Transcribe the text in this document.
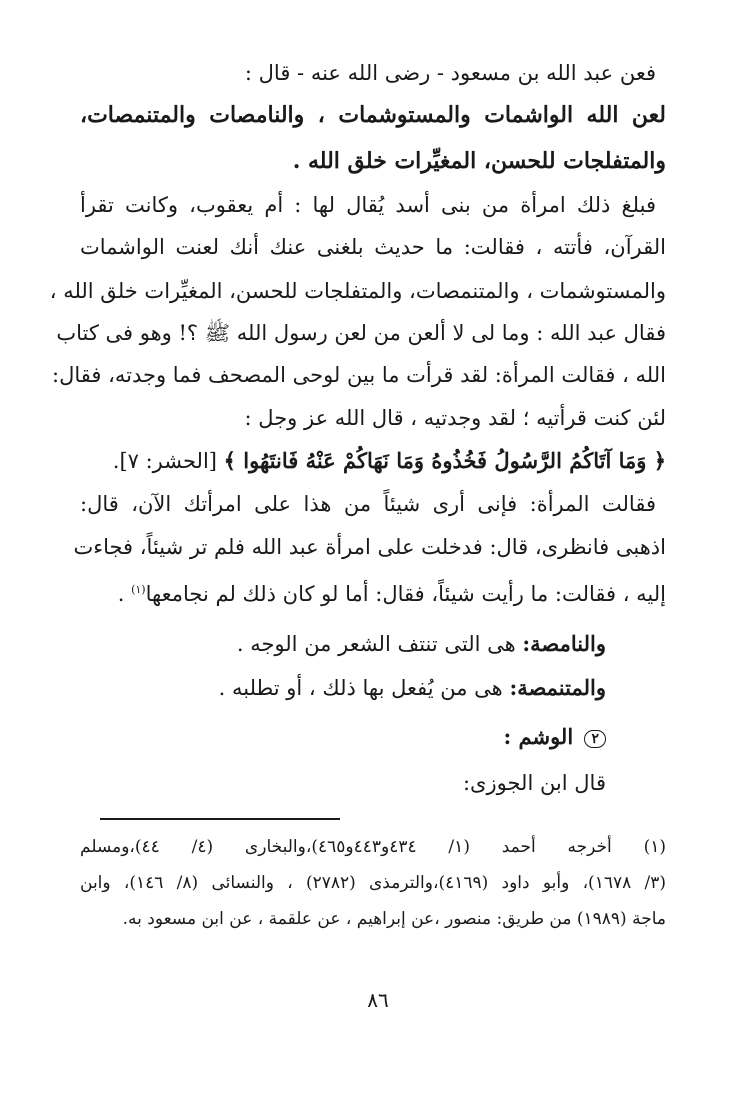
فعن عبد الله بن مسعود - رضى الله عنه - قال :
لعن الله الواشمات والمستوشمات ، والنامصات والمتنمصات،
والمتفلجات للحسن، المغيِّرات خلق الله .
فبلغ ذلك امرأة من بنى أسد يُقال لها : أم يعقوب، وكانت تقرأ
القرآن، فأتته ، فقالت: ما حديث بلغنى عنك أنك لعنت الواشمات
والمستوشمات ، والمتنمصات، والمتفلجات للحسن، المغيِّرات خلق الله ،
فقال عبد الله : وما لى لا ألعن من لعن رسول الله ﷺ ؟! وهو فى كتاب
الله ، فقالت المرأة: لقد قرأت ما بين لوحى المصحف فما وجدته، فقال:
لئن كنت قرأتيه ؛ لقد وجدتيه ، قال الله عز وجل :
﴿ وَمَا آتَاكُمُ الرَّسُولُ فَخُذُوهُ وَمَا نَهَاكُمْ عَنْهُ فَانتَهُوا ﴾ [الحشر: ٧].
فقالت المرأة: فإنى أرى شيئاً من هذا على امرأتك الآن، قال:
اذهبى فانظرى، قال: فدخلت على امرأة عبد الله فلم تر شيئاً، فجاءت
إليه ، فقالت: ما رأيت شيئاً، فقال: أما لو كان ذلك لم نجامعها$^{(١)}$ .
والنامصة: هى التى تنتف الشعر من الوجه .
والمتنمصة: هى من يُفعل بها ذلك ، أو تطلبه .
٢ الوشم :
قال ابن الجوزى:
(١) أخرجه أحمد (١/ ٤٣٤و٤٤٣و٤٦٥)،والبخارى (٤/ ٤٤)،ومسلم
(٣/ ١٦٧٨)، وأبو داود (٤١٦٩)،والترمذى (٢٧٨٢) ، والنسائى (٨/ ١٤٦)، وابن
ماجة (١٩٨٩) من طريق: منصور ،عن إبراهيم ، عن علقمة ، عن ابن مسعود به.
٨٦
